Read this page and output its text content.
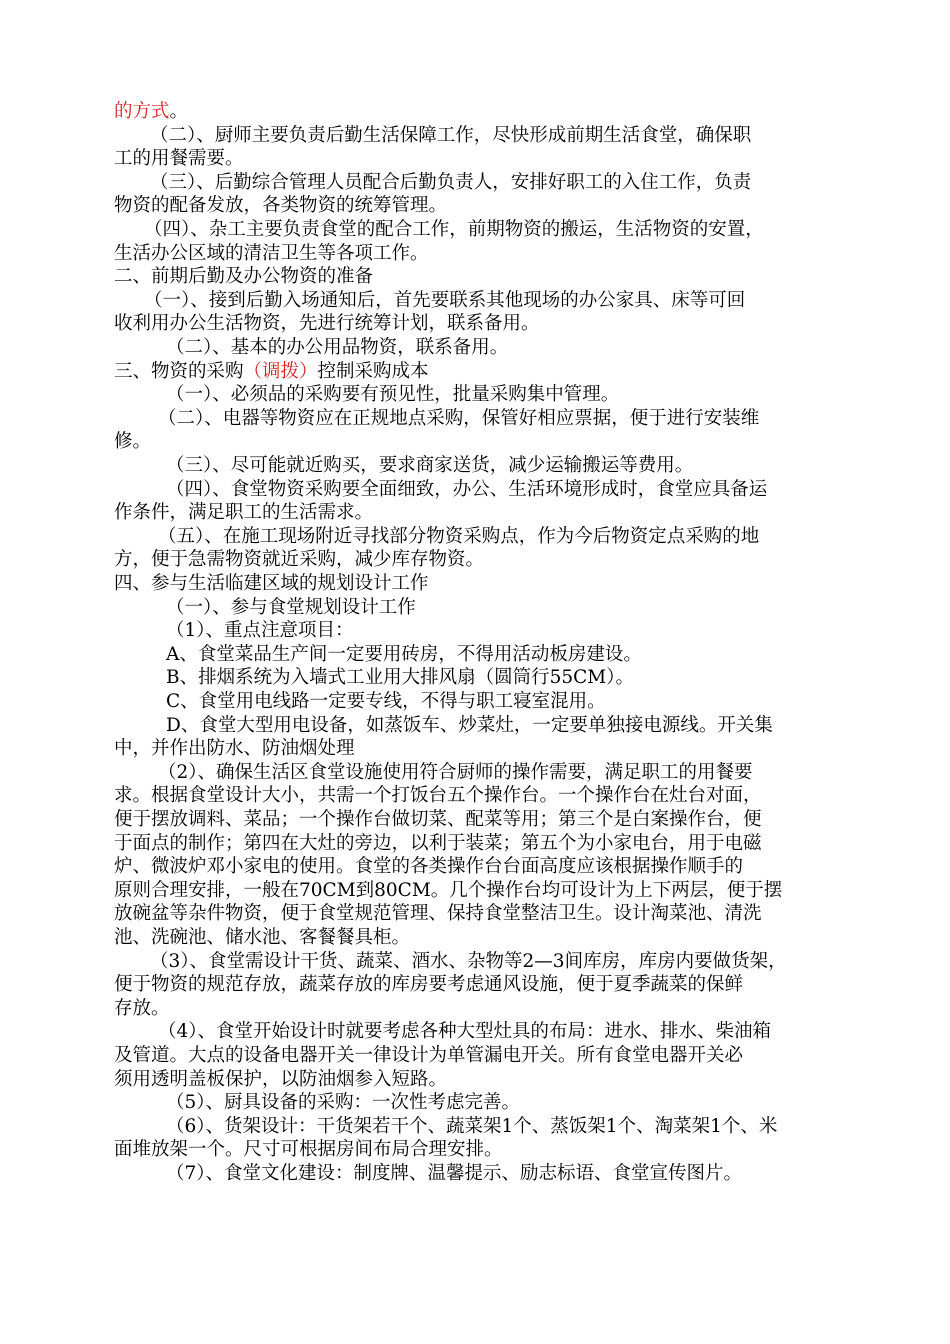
的方式。
（二）、厨师主要负责后勤生活保障工作，尽快形成前期生活食堂，确保职
工的用餐需要。
（三）、后勤综合管理人员配合后勤负责人，安排好职工的入住工作，负责
物资的配备发放，各类物资的统筹管理。
（四）、杂工主要负责食堂的配合工作，前期物资的搬运，生活物资的安置，
生活办公区域的清洁卫生等各项工作。
二、前期后勤及办公物资的准备
（一）、接到后勤入场通知后，首先要联系其他现场的办公家具、床等可回
收利用办公生活物资，先进行统筹计划，联系备用。
（二）、基本的办公用品物资，联系备用。
三、物资的采购（调拨）控制采购成本
（一）、必须品的采购要有预见性，批量采购集中管理。
（二）、电器等物资应在正规地点采购，保管好相应票据，便于进行安装维
修。
（三）、尽可能就近购买，要求商家送货，减少运输搬运等费用。
（四）、食堂物资采购要全面细致，办公、生活环境形成时，食堂应具备运
作条件，满足职工的生活需求。
（五）、在施工现场附近寻找部分物资采购点，作为今后物资定点采购的地
方，便于急需物资就近采购，减少库存物资。
四、参与生活临建区域的规划设计工作
（一）、参与食堂规划设计工作
（1）、重点注意项目：
A、食堂菜品生产间一定要用砖房，不得用活动板房建设。
B、排烟系统为入墙式工业用大排风扇（圆筒行55CM）。
C、食堂用电线路一定要专线，不得与职工寝室混用。
D、食堂大型用电设备，如蒸饭车、炒菜灶，一定要单独接电源线。开关集
中，并作出防水、防油烟处理
（2）、确保生活区食堂设施使用符合厨师的操作需要，满足职工的用餐要
求。根据食堂设计大小，共需一个打饭台五个操作台。一个操作台在灶台对面，
便于摆放调料、菜品；一个操作台做切菜、配菜等用；第三个是白案操作台，便
于面点的制作；第四在大灶的旁边，以利于装菜；第五个为小家电台，用于电磁
炉、微波炉邓小家电的使用。食堂的各类操作台台面高度应该根据操作顺手的
原则合理安排，一般在70CM到80CM。几个操作台均可设计为上下两层，便于摆
放碗盆等杂件物资，便于食堂规范管理、保持食堂整洁卫生。设计淘菜池、清洗
池、洗碗池、储水池、客餐餐具柜。
（3）、食堂需设计干货、蔬菜、酒水、杂物等2—3间库房，库房内要做货架，
便于物资的规范存放，蔬菜存放的库房要考虑通风设施，便于夏季蔬菜的保鲜
存放。
（4）、食堂开始设计时就要考虑各种大型灶具的布局：进水、排水、柴油箱
及管道。大点的设备电器开关一律设计为单管漏电开关。所有食堂电器开关必
须用透明盖板保护，以防油烟参入短路。
（5）、厨具设备的采购：一次性考虑完善。
（6）、货架设计：干货架若干个、蔬菜架1个、蒸饭架1个、淘菜架1个、米
面堆放架一个。尺寸可根据房间布局合理安排。
（7）、食堂文化建设：制度牌、温馨提示、励志标语、食堂宣传图片。
